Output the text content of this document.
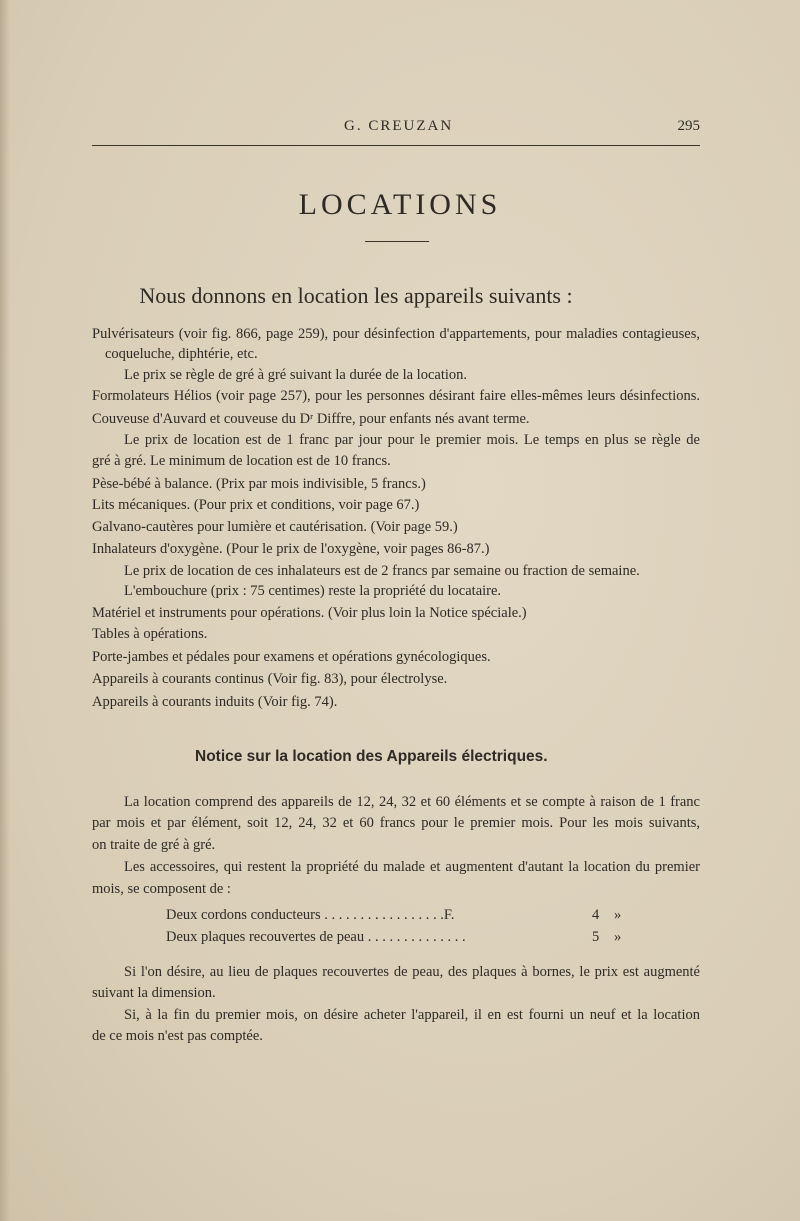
G. CREUZAN	295
LOCATIONS
Nous donnons en location les appareils suivants :
Pulvérisateurs (voir fig. 866, page 259), pour désinfection d'appartements, pour maladies contagieuses,
coqueluche, diphtérie, etc.
Le prix se règle de gré à gré suivant la durée de la location.
Formolateurs Hélios (voir page 257), pour les personnes désirant faire elles-mêmes leurs désinfections.
Couveuse d'Auvard et couveuse du Dʳ Diffre, pour enfants nés avant terme.
Le prix de location est de 1 franc par jour pour le premier mois. Le temps en plus se règle de
gré à gré. Le minimum de location est de 10 francs.
Pèse-bébé à balance. (Prix par mois indivisible, 5 francs.)
Lits mécaniques. (Pour prix et conditions, voir page 67.)
Galvano-cautères pour lumière et cautérisation. (Voir page 59.)
Inhalateurs d'oxygène. (Pour le prix de l'oxygène, voir pages 86-87.)
Le prix de location de ces inhalateurs est de 2 francs par semaine ou fraction de semaine.
L'embouchure (prix : 75 centimes) reste la propriété du locataire.
Matériel et instruments pour opérations. (Voir plus loin la Notice spéciale.)
Tables à opérations.
Porte-jambes et pédales pour examens et opérations gynécologiques.
Appareils à courants continus (Voir fig. 83), pour électrolyse.
Appareils à courants induits (Voir fig. 74).
Notice sur la location des Appareils électriques.
La location comprend des appareils de 12, 24, 32 et 60 éléments et se compte à raison de 1 franc
par mois et par élément, soit 12, 24, 32 et 60 francs pour le premier mois. Pour les mois suivants,
on traite de gré à gré.
Les accessoires, qui restent la propriété du malade et augmentent d'autant la location du premier
mois, se composent de :
Deux cordons conducteurs . . . . . . . . . . . . . . . . .F.	4 »
Deux plaques recouvertes de peau . . . . . . . . . . . . . .	5 »
Si l'on désire, au lieu de plaques recouvertes de peau, des plaques à bornes, le prix est augmenté
suivant la dimension.
Si, à la fin du premier mois, on désire acheter l'appareil, il en est fourni un neuf et la location
de ce mois n'est pas comptée.
